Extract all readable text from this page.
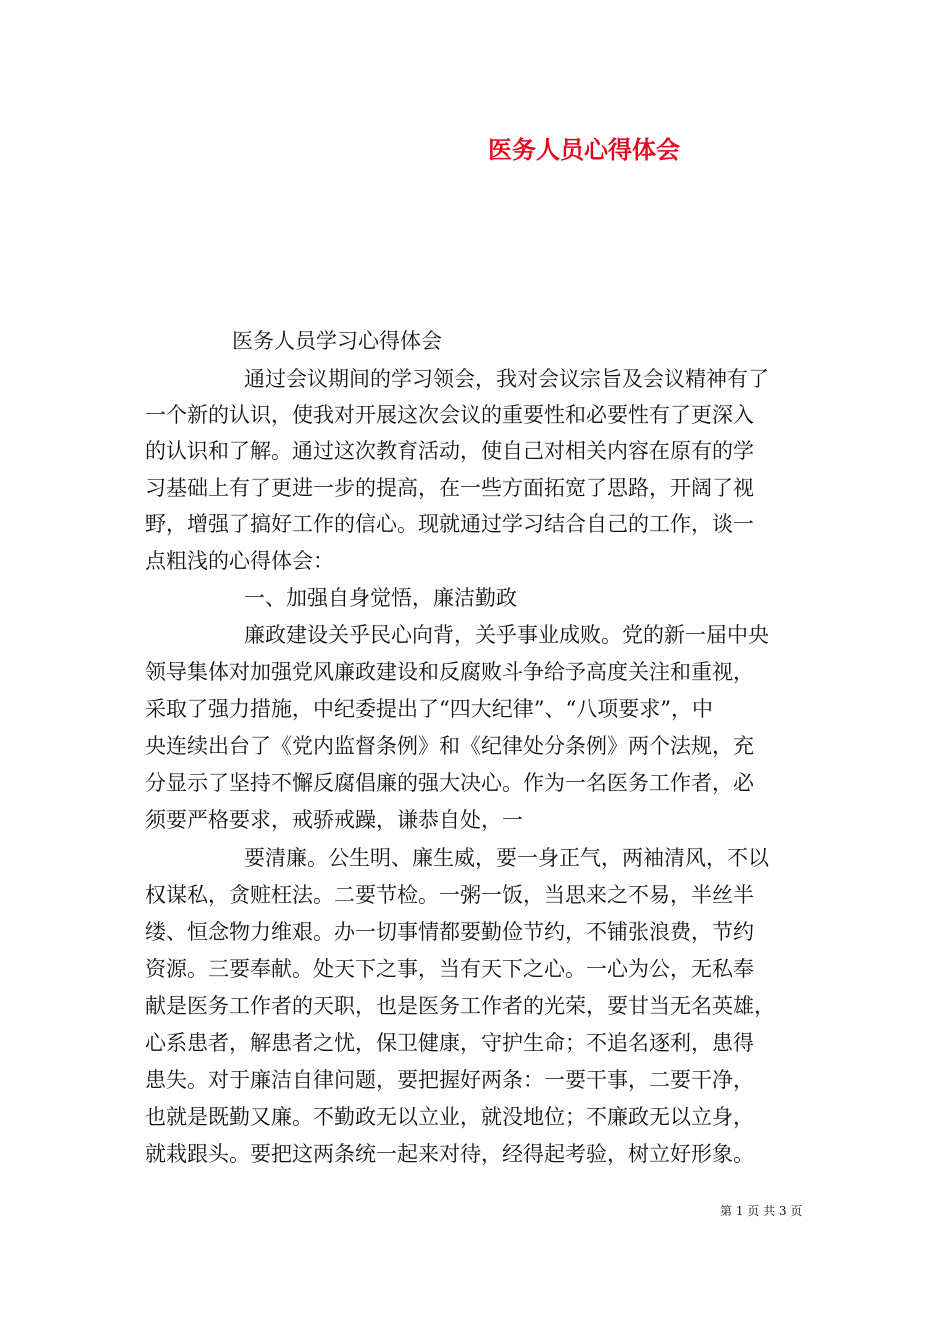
医务人员心得体会
医务人员学习心得体会
通过会议期间的学习领会，我对会议宗旨及会议精神有了
一个新的认识，使我对开展这次会议的重要性和必要性有了更深入
的认识和了解。通过这次教育活动，使自己对相关内容在原有的学
习基础上有了更进一步的提高，在一些方面拓宽了思路，开阔了视
野，增强了搞好工作的信心。现就通过学习结合自己的工作，谈一
点粗浅的心得体会：
一、加强自身觉悟，廉洁勤政
廉政建设关乎民心向背，关乎事业成败。党的新一届中央
领导集体对加强党风廉政建设和反腐败斗争给予高度关注和重视，
采取了强力措施，中纪委提出了“四大纪律”、“八项要求”，中
央连续出台了《党内监督条例》和《纪律处分条例》两个法规，充
分显示了坚持不懈反腐倡廉的强大决心。作为一名医务工作者，必
须要严格要求，戒骄戒躁，谦恭自处，一
要清廉。公生明、廉生威，要一身正气，两袖清风，不以
权谋私，贪赃枉法。二要节检。一粥一饭，当思来之不易，半丝半
缕、恒念物力维艰。办一切事情都要勤俭节约，不铺张浪费，节约
资源。三要奉献。处天下之事，当有天下之心。一心为公，无私奉
献是医务工作者的天职，也是医务工作者的光荣，要甘当无名英雄，
心系患者，解患者之忧，保卫健康，守护生命；不追名逐利，患得
患失。对于廉洁自律问题，要把握好两条：一要干事，二要干净，
也就是既勤又廉。不勤政无以立业，就没地位；不廉政无以立身，
就栽跟头。要把这两条统一起来对待，经得起考验，树立好形象。
第 1 页 共 3 页
